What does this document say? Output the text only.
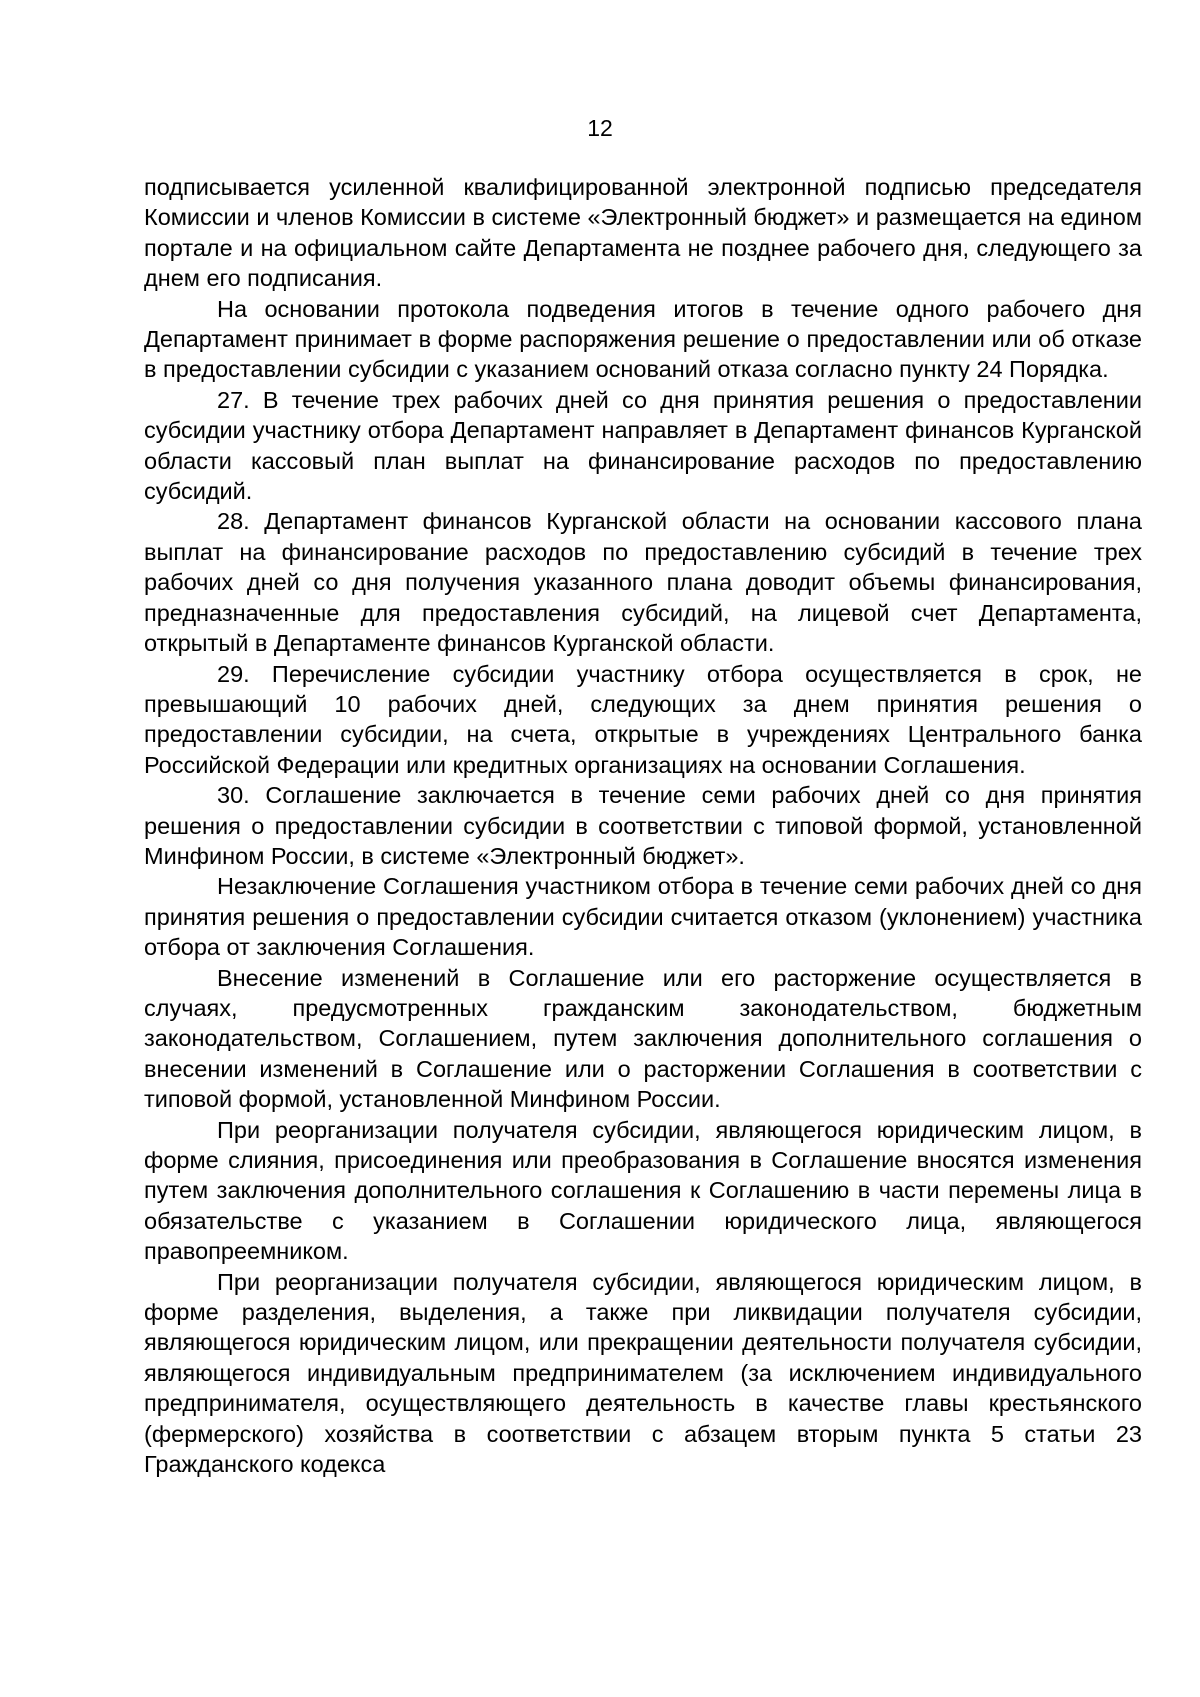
12

подписывается усиленной квалифицированной электронной подписью председателя Комиссии и членов Комиссии в системе «Электронный бюджет» и размещается на едином портале и на официальном сайте Департамента не позднее рабочего дня, следующего за днем его подписания.

На основании протокола подведения итогов в течение одного рабочего дня Департамент принимает в форме распоряжения решение о предоставлении или об отказе в предоставлении субсидии с указанием оснований отказа согласно пункту 24 Порядка.

27. В течение трех рабочих дней со дня принятия решения о предоставлении субсидии участнику отбора Департамент направляет в Департамент финансов Курганской области кассовый план выплат на финансирование расходов по предоставлению субсидий.

28. Департамент финансов Курганской области на основании кассового плана выплат на финансирование расходов по предоставлению субсидий в течение трех рабочих дней со дня получения указанного плана доводит объемы финансирования, предназначенные для предоставления субсидий, на лицевой счет Департамента, открытый в Департаменте финансов Курганской области.

29. Перечисление субсидии участнику отбора осуществляется в срок, не превышающий 10 рабочих дней, следующих за днем принятия решения о предоставлении субсидии, на счета, открытые в учреждениях Центрального банка Российской Федерации или кредитных организациях на основании Соглашения.

30. Соглашение заключается в течение семи рабочих дней со дня принятия решения о предоставлении субсидии в соответствии с типовой формой, установленной Минфином России, в системе «Электронный бюджет».

Незаключение Соглашения участником отбора в течение семи рабочих дней со дня принятия решения о предоставлении субсидии считается отказом (уклонением) участника отбора от заключения Соглашения.

Внесение изменений в Соглашение или его расторжение осуществляется в случаях, предусмотренных гражданским законодательством, бюджетным законодательством, Соглашением, путем заключения дополнительного соглашения о внесении изменений в Соглашение или о расторжении Соглашения в соответствии с типовой формой, установленной Минфином России.

При реорганизации получателя субсидии, являющегося юридическим лицом, в форме слияния, присоединения или преобразования в Соглашение вносятся изменения путем заключения дополнительного соглашения к Соглашению в части перемены лица в обязательстве с указанием в Соглашении юридического лица, являющегося правопреемником.

При реорганизации получателя субсидии, являющегося юридическим лицом, в форме разделения, выделения, а также при ликвидации получателя субсидии, являющегося юридическим лицом, или прекращении деятельности получателя субсидии, являющегося индивидуальным предпринимателем (за исключением индивидуального предпринимателя, осуществляющего деятельность в качестве главы крестьянского (фермерского) хозяйства в соответствии с абзацем вторым пункта 5 статьи 23 Гражданского кодекса
